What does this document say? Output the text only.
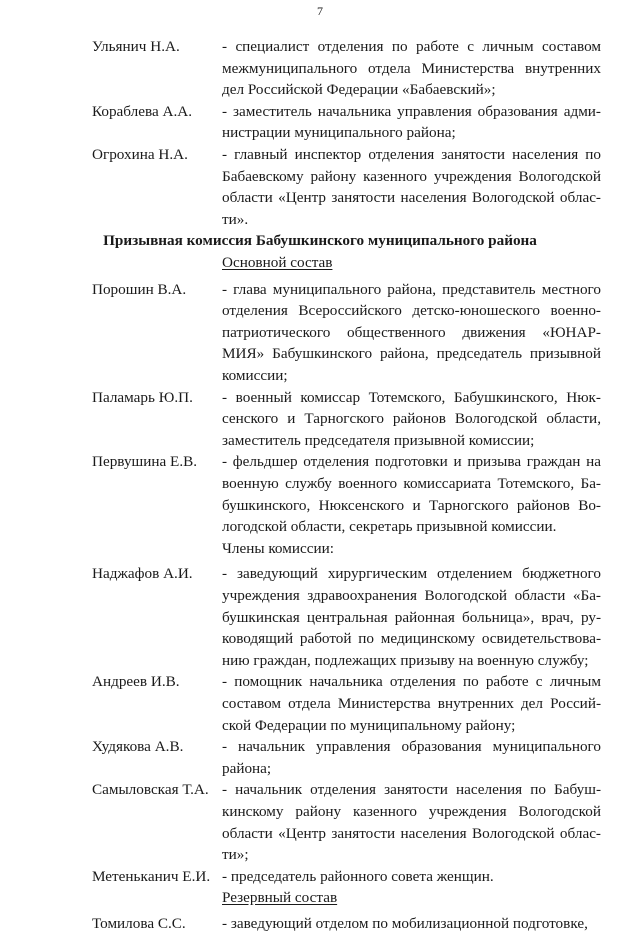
7
Ульянич Н.А.	- специалист отделения по работе с личным составом
межмуниципального отдела Министерства внутренних
дел Российской Федерации «Бабаевский»;
Кораблева А.А. - заместитель начальника управления образования адми-
нистрации муниципального района;
Огрохина Н.А. - главный инспектор отделения занятости населения по
Бабаевскому району казенного учреждения Вологодской
области «Центр занятости населения Вологодской облас-
ти».
Призывная комиссия Бабушкинского муниципального района
Основной состав
Порошин В.А. - глава муниципального района, представитель местного
отделения Всероссийского детско-юношеского военно-
патриотического общественного движения «ЮНАР-
МИЯ» Бабушкинского района, председатель призывной
комиссии;
Паламарь Ю.П. - военный комиссар Тотемского, Бабушкинского, Нюк-
сенского и Тарногского районов Вологодской области,
заместитель председателя призывной комиссии;
Первушина Е.В. - фельдшер отделения подготовки и призыва граждан на
военную службу военного комиссариата Тотемского, Ба-
бушкинского, Нюксенского и Тарногского районов Во-
логодской области, секретарь призывной комиссии.
Члены комиссии:
Наджафов А.И. - заведующий хирургическим отделением бюджетного
учреждения здравоохранения Вологодской области «Ба-
бушкинская центральная районная больница», врач, ру-
ководящий работой по медицинскому освидетельствова-
нию граждан, подлежащих призыву на военную службу;
Андреев И.В.	- помощник начальника отделения по работе с личным
составом отдела Министерства внутренних дел Россий-
ской Федерации по муниципальному району;
Худякова А.В.	- начальник управления образования муниципального
района;
Самыловская Т.А. - начальник отделения занятости населения по Бабуш-
кинскому району казенного учреждения Вологодской
области «Центр занятости населения Вологодской облас-
ти»;
Метенькaнич Е.И. - председатель районного совета женщин.
Резервный состав
Томилова С.С. - заведующий отделом по мобилизационной подготовке,
